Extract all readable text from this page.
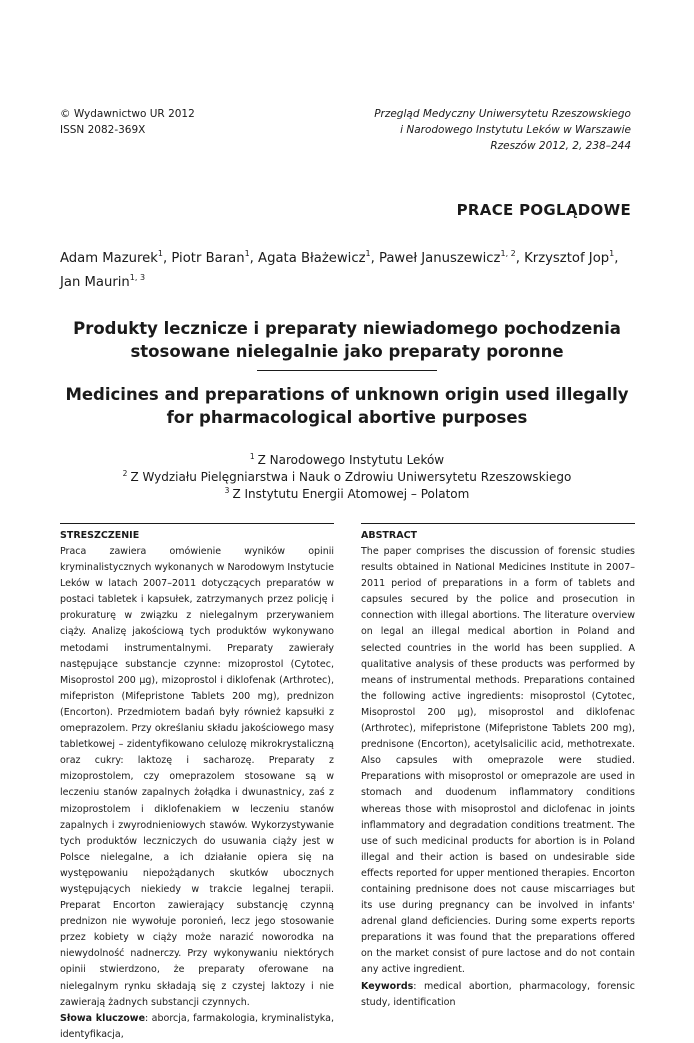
© Wydawnictwo UR 2012
ISSN 2082-369X
Przegląd Medyczny Uniwersytetu Rzeszowskiego
i Narodowego Instytutu Leków w Warszawie
Rzeszów 2012, 2, 238–244
PRACE POGLĄDOWE
Adam Mazurek$^1$, Piotr Baran$^1$, Agata Błażewicz$^1$, Paweł Januszewicz$^{1, 2}$, Krzysztof Jop$^1$,
Jan Maurin$^{1, 3}$
Produkty lecznicze i preparaty niewiadomego pochodzenia
stosowane nielegalnie jako preparaty poronne
Medicines and preparations of unknown origin used illegally
for pharmacological abortive purposes
$^1$ Z Narodowego Instytutu Leków
$^2$ Z Wydziału Pielęgniarstwa i Nauk o Zdrowiu Uniwersytetu Rzeszowskiego
$^3$ Z Instytutu Energii Atomowej – Polatom
STRESZCZENIE
Praca zawiera omówienie wyników opinii kryminalistycznych wykonanych w Narodowym Instytucie Leków w latach 2007–2011 dotyczących preparatów w postaci tabletek i kapsułek, zatrzymanych przez policję i prokuraturę w związku z nielegalnym przerywaniem ciąży. Analizę jakościową tych produktów wykonywano metodami instrumentalnymi. Preparaty zawierały następujące substancje czynne: mizoprostol (Cytotec, Misoprostol 200 μg), mizoprostol i diklofenak (Arthrotec), mifepriston (Mifepristone Tablets 200 mg), prednizon (Encorton). Przedmiotem badań były również kapsułki z omeprazolem. Przy określaniu składu jakościowego masy tabletkowej – zidentyfikowano celulozę mikrokrystaliczną oraz cukry: laktozę i sacharozę. Preparaty z mizoprostolem, czy omeprazolem stosowane są w leczeniu stanów zapalnych żołądka i dwunastnicy, zaś z mizoprostolem i diklofenakiem w leczeniu stanów zapalnych i zwyrodnieniowych stawów. Wykorzystywanie tych produktów leczniczych do usuwania ciąży jest w Polsce nielegalne, a ich działanie opiera się na występowaniu niepożądanych skutków ubocznych występujących niekiedy w trakcie legalnej terapii. Preparat Encorton zawierający substancję czynną prednizon nie wywołuje poronień, lecz jego stosowanie przez kobiety w ciąży może narazić noworodka na niewydolność nadnerczy. Przy wykonywaniu niektórych opinii stwierdzono, że preparaty oferowane na nielegalnym rynku składają się z czystej laktozy i nie zawierają żadnych substancji czynnych.
Słowa kluczowe: aborcja, farmakologia, kryminalistyka, identyfikacja,
ABSTRACT
The paper comprises the discussion of forensic studies results obtained in National Medicines Institute in 2007–2011 period of preparations in a form of tablets and capsules secured by the police and prosecution in connection with illegal abortions. The literature overview on legal an illegal medical abortion in Poland and selected countries in the world has been supplied. A qualitative analysis of these products was performed by means of instrumental methods. Preparations contained the following active ingredients: misoprostol (Cytotec, Misoprostol 200 μg), misoprostol and diklofenac (Arthrotec), mifepristone (Mifepristone Tablets 200 mg), prednisone (Encorton), acetylsalicilic acid, methotrexate. Also capsules with omeprazole were studied. Preparations with misoprostol or omeprazole are used in stomach and duodenum inflammatory conditions whereas those with misoprostol and diclofenac in joints inflammatory and degradation conditions treatment. The use of such medicinal products for abortion is in Poland illegal and their action is based on undesirable side effects reported for upper mentioned therapies. Encorton containing prednisone does not cause miscarriages but its use during pregnancy can be involved in infants' adrenal gland deficiencies. During some experts reports preparations it was found that the preparations offered on the market consist of pure lactose and do not contain any active ingredient.
Keywords: medical abortion, pharmacology, forensic study, identification
